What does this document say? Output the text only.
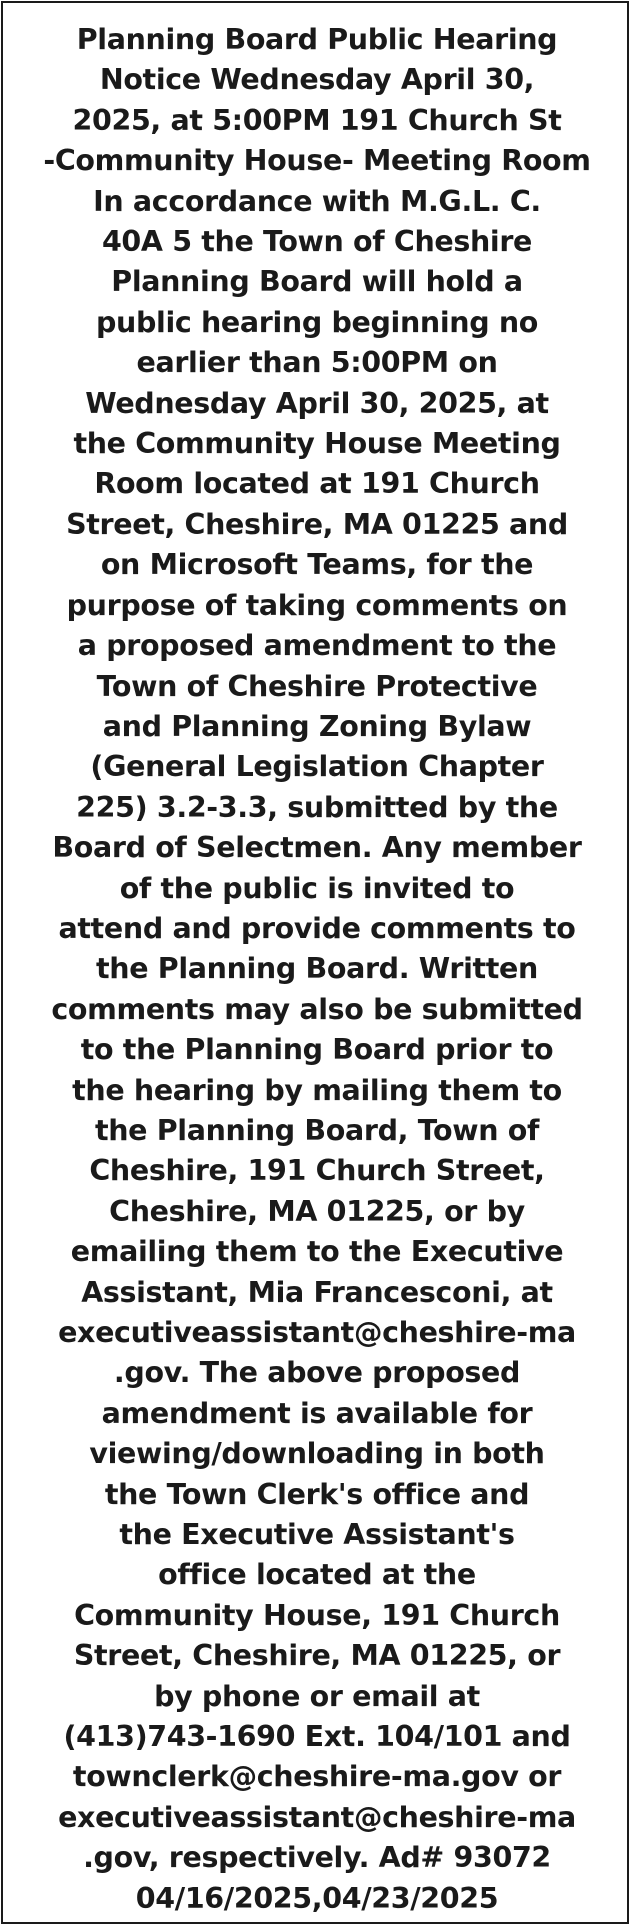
Planning Board Public Hearing
Notice Wednesday April 30,
2025, at 5:00PM 191 Church St
-Community House- Meeting Room
In accordance with M.G.L. C.
40A 5 the Town of Cheshire
Planning Board will hold a
public hearing beginning no
earlier than 5:00PM on
Wednesday April 30, 2025, at
the Community House Meeting
Room located at 191 Church
Street, Cheshire, MA 01225 and
on Microsoft Teams, for the
purpose of taking comments on
a proposed amendment to the
Town of Cheshire Protective
and Planning Zoning Bylaw
(General Legislation Chapter
225) 3.2-3.3, submitted by the
Board of Selectmen. Any member
of the public is invited to
attend and provide comments to
the Planning Board. Written
comments may also be submitted
to the Planning Board prior to
the hearing by mailing them to
the Planning Board, Town of
Cheshire, 191 Church Street,
Cheshire, MA 01225, or by
emailing them to the Executive
Assistant, Mia Francesconi, at
executiveassistant@cheshire-ma
.gov. The above proposed
amendment is available for
viewing/downloading in both
the Town Clerk's office and
the Executive Assistant's
office located at the
Community House, 191 Church
Street, Cheshire, MA 01225, or
by phone or email at
(413)743-1690 Ext. 104/101 and
townclerk@cheshire-ma.gov or
executiveassistant@cheshire-ma
.gov, respectively. Ad# 93072
04/16/2025,04/23/2025
